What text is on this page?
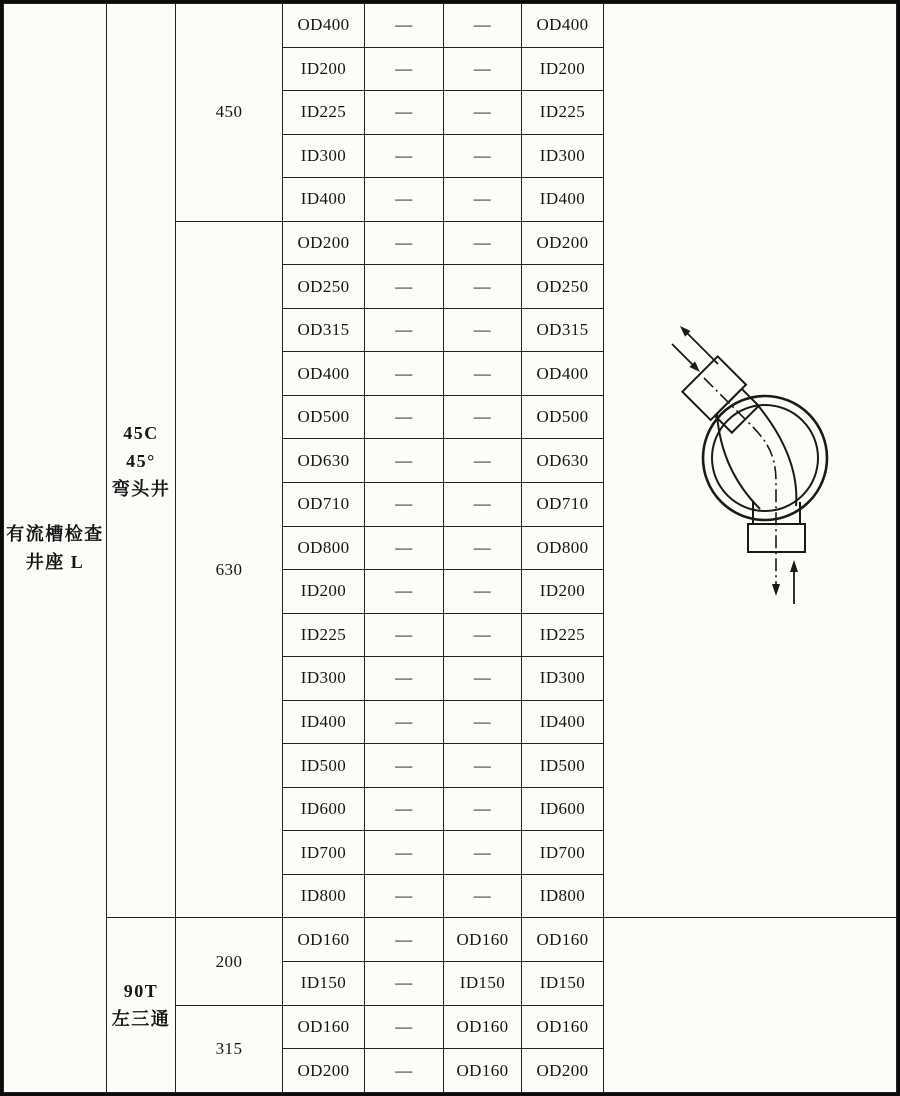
有流槽检查
井座 L

45C
45°
弯头井
	450	OD400	—	—	OD400	
			ID200	—	—	ID200	
			ID225	—	—	ID225	
			ID300	—	—	ID300	
			ID400	—	—	ID400	
		630	OD200	—	—	OD200	
			OD250	—	—	OD250	
			OD315	—	—	OD315	
			OD400	—	—	OD400	
			OD500	—	—	OD500	
			OD630	—	—	OD630	
			OD710	—	—	OD710	
			OD800	—	—	OD800	
			ID200	—	—	ID200	
			ID225	—	—	ID225	
			ID300	—	—	ID300	
			ID400	—	—	ID400	
			ID500	—	—	ID500	
			ID600	—	—	ID600	
			ID700	—	—	ID700	
			ID800	—	—	ID800	

	90T
左三通	200	OD160	—	OD160	OD160	
			ID150	—	ID150	ID150	
		315	OD160	—	OD160	OD160	
			OD200	—	OD160	OD200	
